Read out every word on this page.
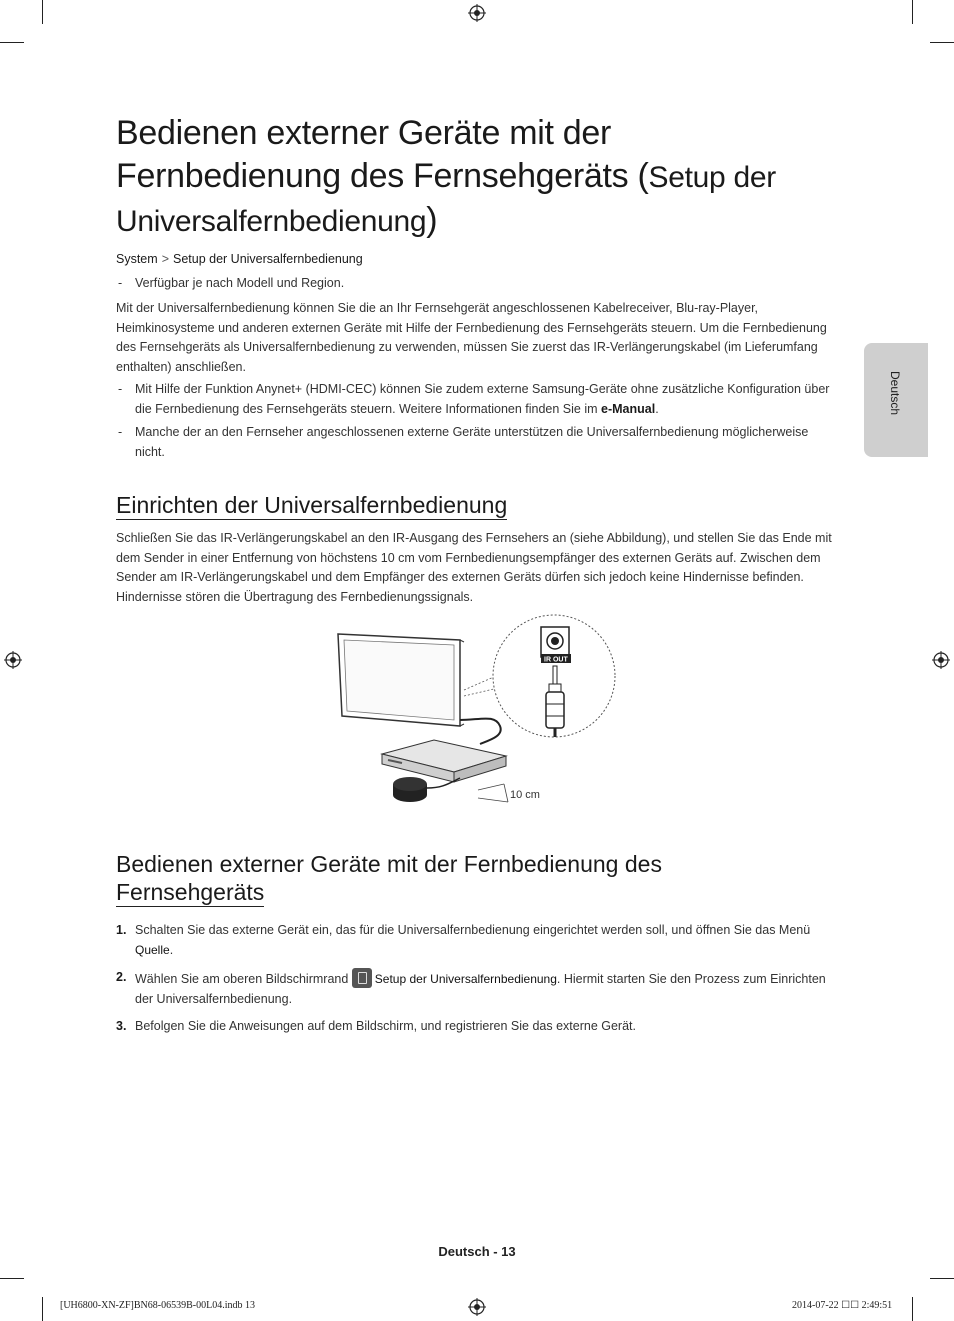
Deutsch
Bedienen externer Geräte mit der Fernbedienung des Fernsehgeräts (Setup der Universalfernbedienung)
System > Setup der Universalfernbedienung
-	Verfügbar je nach Modell und Region.
Mit der Universalfernbedienung können Sie die an Ihr Fernsehgerät angeschlossenen Kabelreceiver, Blu-ray-Player, Heimkinosysteme und anderen externen Geräte mit Hilfe der Fernbedienung des Fernsehgeräts steuern. Um die Fernbedienung des Fernsehgeräts als Universalfernbedienung zu verwenden, müssen Sie zuerst das IR-Verlängerungskabel (im Lieferumfang enthalten) anschließen.
-	Mit Hilfe der Funktion Anynet+ (HDMI-CEC) können Sie zudem externe Samsung-Geräte ohne zusätzliche Konfiguration über die Fernbedienung des Fernsehgeräts steuern. Weitere Informationen finden Sie im e-Manual.
-	Manche der an den Fernseher angeschlossenen externe Geräte unterstützen die Universalfernbedienung möglicherweise nicht.
Einrichten der Universalfernbedienung
Schließen Sie das IR-Verlängerungskabel an den IR-Ausgang des Fernsehers an (siehe Abbildung), und stellen Sie das Ende mit dem Sender in einer Entfernung von höchstens 10 cm vom Fernbedienungsempfänger des externen Geräts auf. Zwischen dem Sender am IR-Verlängerungskabel und dem Empfänger des externen Geräts dürfen sich jedoch keine Hindernisse befinden. Hindernisse stören die Übertragung des Fernbedienungssignals.
10 cm
IR OUT
Bedienen externer Geräte mit der Fernbedienung des
Fernsehgeräts
1. Schalten Sie das externe Gerät ein, das für die Universalfernbedienung eingerichtet werden soll, und öffnen Sie das Menü Quelle.
2. Wählen Sie am oberen Bildschirmrand Setup der Universalfernbedienung. Hiermit starten Sie den Prozess zum Einrichten der Universalfernbedienung.
3. Befolgen Sie die Anweisungen auf dem Bildschirm, und registrieren Sie das externe Gerät.
Deutsch - 13
[UH6800-XN-ZF]BN68-06539B-00L04.indb 13	2014-07-22 ☐☐ 2:49:51
